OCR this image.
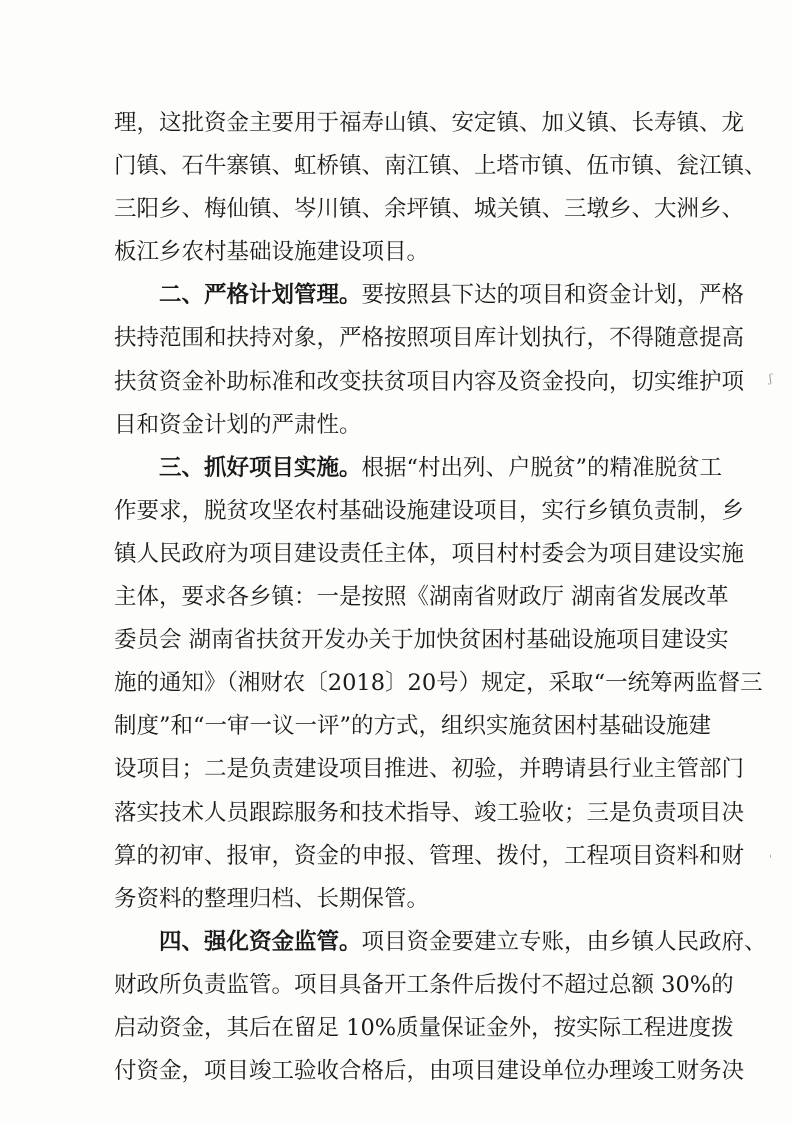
理，这批资金主要用于福寿山镇、安定镇、加义镇、长寿镇、龙
门镇、石牛寨镇、虹桥镇、南江镇、上塔市镇、伍市镇、瓮江镇、
三阳乡、梅仙镇、岑川镇、余坪镇、城关镇、三墩乡、大洲乡、
板江乡农村基础设施建设项目。
二、严格计划管理。要按照县下达的项目和资金计划，严格
扶持范围和扶持对象，严格按照项目库计划执行，不得随意提高
扶贫资金补助标准和改变扶贫项目内容及资金投向，切实维护项
目和资金计划的严肃性。
三、抓好项目实施。根据“村出列、户脱贫”的精准脱贫工
作要求，脱贫攻坚农村基础设施建设项目，实行乡镇负责制，乡
镇人民政府为项目建设责任主体，项目村村委会为项目建设实施
主体，要求各乡镇：一是按照《湖南省财政厅 湖南省发展改革
委员会 湖南省扶贫开发办关于加快贫困村基础设施项目建设实
施的通知》（湘财农〔2018〕20号）规定，采取“一统筹两监督三
制度”和“一审一议一评”的方式，组织实施贫困村基础设施建
设项目；二是负责建设项目推进、初验，并聘请县行业主管部门
落实技术人员跟踪服务和技术指导、竣工验收；三是负责项目决
算的初审、报审，资金的申报、管理、拨付，工程项目资料和财
务资料的整理归档、长期保管。
四、强化资金监管。项目资金要建立专账，由乡镇人民政府、
财政所负责监管。项目具备开工条件后拨付不超过总额 30%的
启动资金，其后在留足 10%质量保证金外，按实际工程进度拨
付资金，项目竣工验收合格后，由项目建设单位办理竣工财务决
ʃ
ˌ
